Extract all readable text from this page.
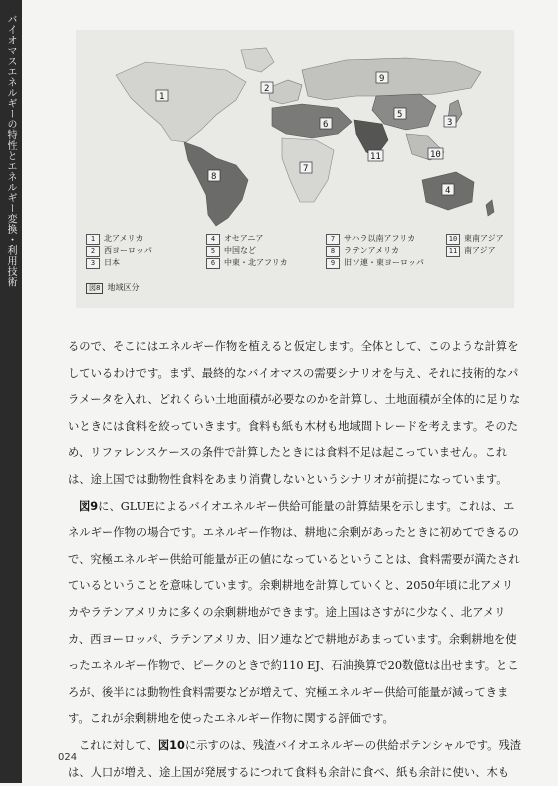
バイオマスエネルギーの特性とエネルギー変換・利用技術	1
2
3
4
5
6
7
8
9
10
11
1	北アメリカ	4	オセアニア	7	サハラ以南アフリカ	10 東南アジア
2	西ヨーロッパ	5	中国など	8	ラテンアメリカ	11 南アジア
3	日本	6	中東・北アフリカ	9	旧ソ連・東ヨーロッパ
図8 地域区分

るので、そこにはエネルギー作物を植えると仮定します。全体として、このような計算をしているわけです。まず、最終的なバイオマスの需要シナリオを与え、それに技術的なパラメータを入れ、どれくらい土地面積が必要なのかを計算し、土地面積が全体的に足りないときには食料を絞っていきます。食料も紙も木材も地域間トレードを考えます。そのため、リファレンスケースの条件で計算したときには食料不足は起こっていません。これは、途上国では動物性食料をあまり消費しないというシナリオが前提になっています。

図9に、GLUEによるバイオエネルギー供給可能量の計算結果を示します。これは、エネルギー作物の場合です。エネルギー作物は、耕地に余剰があったときに初めてできるので、究極エネルギー供給可能量が正の値になっているということは、食料需要が満たされているということを意味しています。余剰耕地を計算していくと、2050年頃に北アメリカやラテンアメリカに多くの余剰耕地ができます。途上国はさすがに少なく、北アメリカ、西ヨーロッパ、ラテンアメリカ、旧ソ連などで耕地があまっています。余剰耕地を使ったエネルギー作物で、ピークのときで約110 EJ、石油換算で20数億tは出せます。ところが、後半には動物性食料需要などが増えて、究極エネルギー供給可能量が減ってきます。これが余剰耕地を使ったエネルギー作物に関する評価です。

これに対して、図10に示すのは、残渣バイオエネルギーの供給ポテンシャルです。残渣は、人口が増え、途上国が発展するにつれて食料も余計に食べ、紙も余計に使い、木も

024
